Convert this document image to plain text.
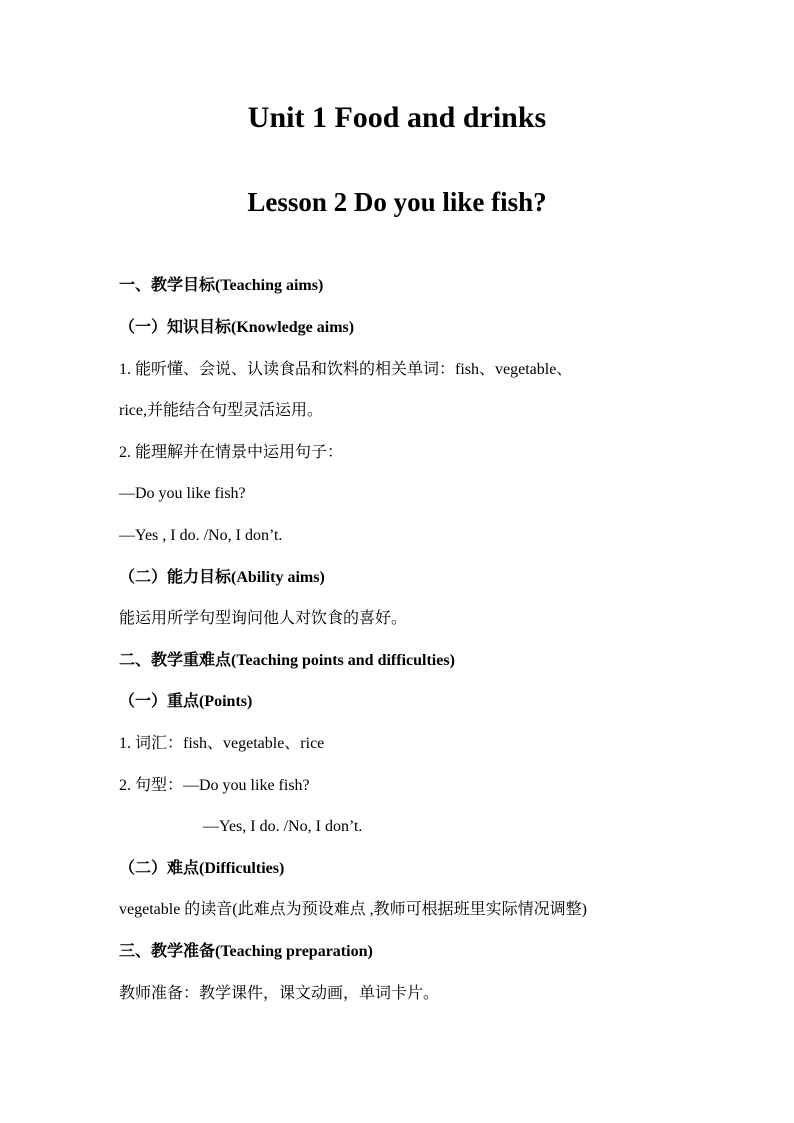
Unit 1 Food and drinks
Lesson 2 Do you like fish?
一、教学目标(Teaching aims)
（一）知识目标(Knowledge aims)
1. 能听懂、会说、认读食品和饮料的相关单词：fish、vegetable、
rice,并能结合句型灵活运用。
2. 能理解并在情景中运用句子：
—Do you like fish?
—Yes , I do. /No, I don’t.
（二）能力目标(Ability aims)
能运用所学句型询问他人对饮食的喜好。
二、教学重难点(Teaching points and difficulties)
（一）重点(Points)
1. 词汇：fish、vegetable、rice
2. 句型：—Do you like fish?
—Yes, I do. /No, I don’t.
（二）难点(Difficulties)
vegetable 的读音(此难点为预设难点 ,教师可根据班里实际情况调整)
三、教学准备(Teaching preparation)
教师准备：教学课件，课文动画，单词卡片。
